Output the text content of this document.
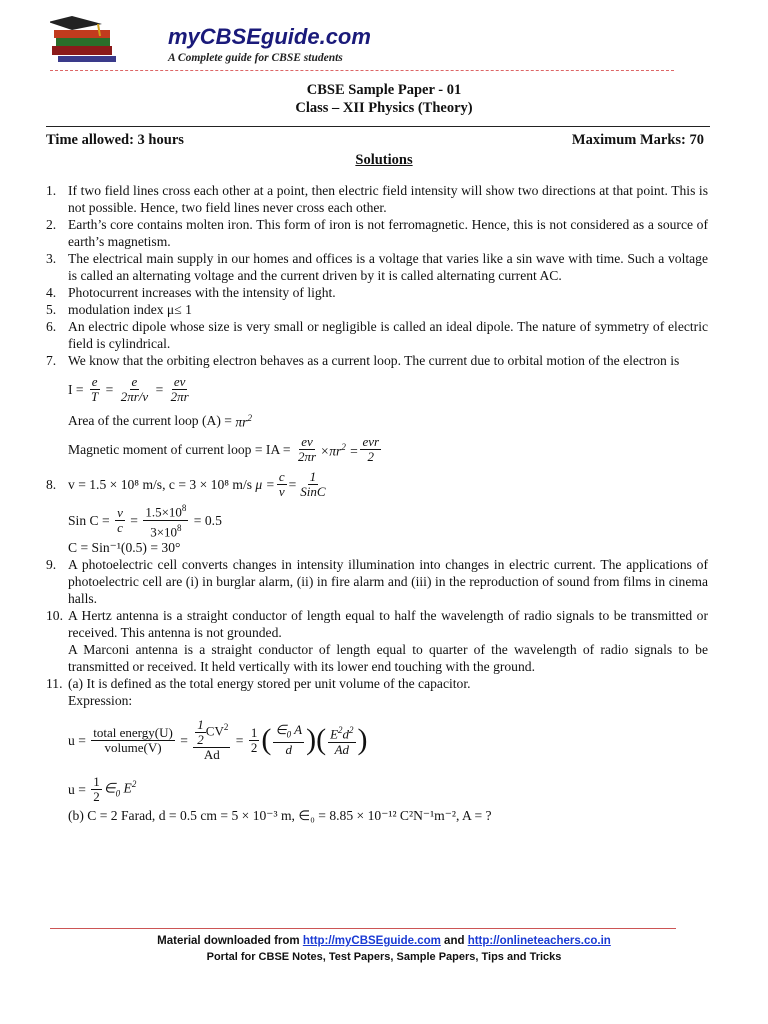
myCBSEguide.com
A Complete guide for CBSE students
CBSE Sample Paper - 01
Class – XII Physics (Theory)
Time allowed: 3 hours	Maximum Marks: 70
Solutions
1. If two field lines cross each other at a point, then electric field intensity will show two directions at that point. This is not possible. Hence, two field lines never cross each other.
2. Earth’s core contains molten iron. This form of iron is not ferromagnetic. Hence, this is not considered as a source of earth’s magnetism.
3. The electrical main supply in our homes and offices is a voltage that varies like a sin wave with time. Such a voltage is called an alternating voltage and the current driven by it is called alternating current AC.
4. Photocurrent increases with the intensity of light.
5. modulation index μ≤ 1
6. An electric dipole whose size is very small or negligible is called an ideal dipole. The nature of symmetry of electric field is cylindrical.
7. We know that the orbiting electron behaves as a current loop. The current due to orbital motion of the electron is
$I = \frac{e}{T} = \frac{e}{2\pi r/v} = \frac{ev}{2\pi r}$
Area of the current loop $(A) = \pi r^2$
Magnetic moment of current loop = IA =
$\frac{ev}{2\pi r} \times\pi r^2 = \frac{\text{evr}}{2}$
8. v = 1.5 × 10⁸ m/s, c = 3 × 10⁸ m/s $\mu = \frac{c}{v} = \frac{1}{\text{SinC}}$
Sin $C = \frac{v}{c} = \frac{1.5\times 10^8}{3\times 10^8} = 0.5$
C = Sin⁻¹(0.5) = 30°
9. A photoelectric cell converts changes in intensity illumination into changes in electric current. The applications of photoelectric cell are (i) in burglar alarm, (ii) in fire alarm and (iii) in the reproduction of sound from films in cinema halls.
10. A Hertz antenna is a straight conductor of length equal to half the wavelength of radio signals to be transmitted or received. This antenna is not grounded.
A Marconi antenna is a straight conductor of length equal to quarter of the wavelength of radio signals to be transmitted or received. It held vertically with its lower end touching with the ground.
11. (a) It is defined as the total energy stored per unit volume of the capacitor.
Expression:
$u = \frac{\text{total energy(U)}}{\text{volume(V)}} = \frac{\frac{1}{2} CV^2}{Ad} = \frac{1}{2}$ ( $\frac{\in_0 A}{d}$ )( $\frac{E^2d^2}{Ad}$ )
$u = \frac{1}{2}$ $\in_0$ $E^2$
(b) C = 2 Farad, d = 0.5 cm = 5 × 10⁻³ m, ∈₀ = 8.85 × 10⁻¹² C²N⁻¹m⁻², A = ?
Material downloaded from http://myCBSEguide.com and http://onlineteachers.co.in
Portal for CBSE Notes, Test Papers, Sample Papers, Tips and Tricks
